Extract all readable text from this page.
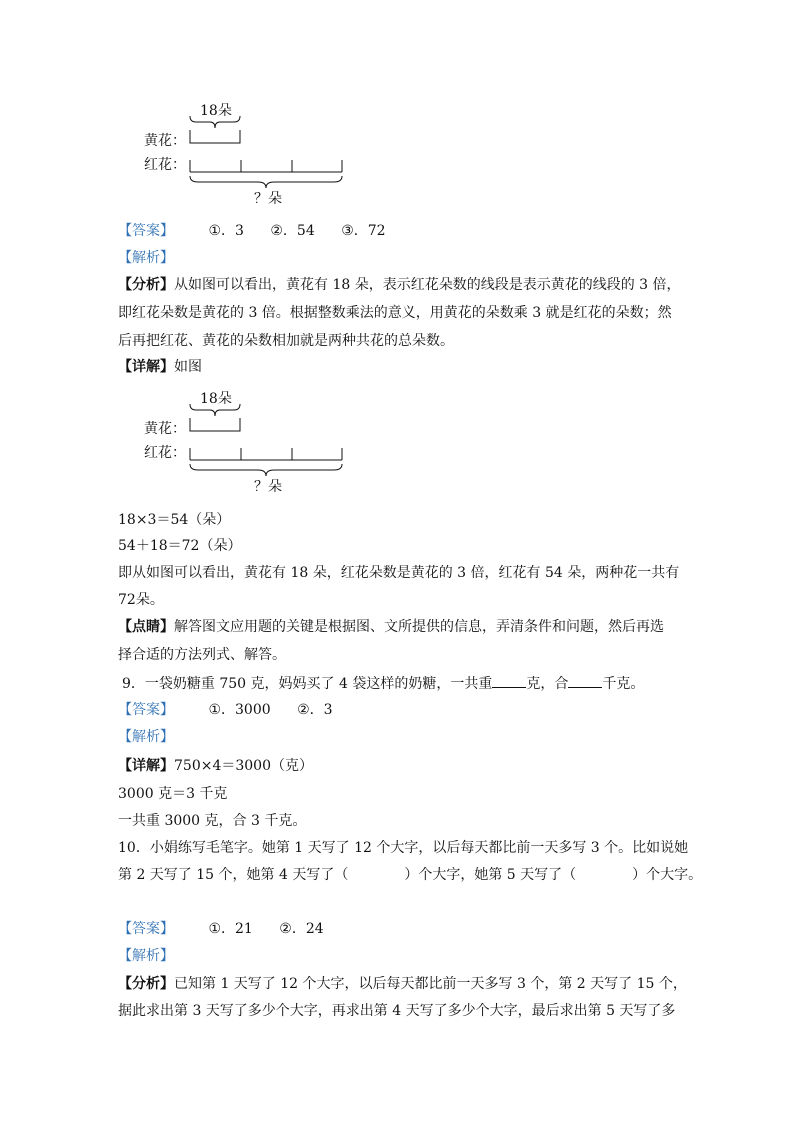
18朵
黄花：
红花：
？朵
【答案】 ①．3 ②．54 ③．72
【解析】
【分析】从如图可以看出，黄花有 18 朵，表示红花朵数的线段是表示黄花的线段的 3 倍，
即红花朵数是黄花的 3 倍。根据整数乘法的意义，用黄花的朵数乘 3 就是红花的朵数；然
后再把红花、黄花的朵数相加就是两种共花的总朵数。
【详解】如图
18朵
黄花：
红花：
？朵
18×3＝54（朵）
54＋18＝72（朵）
即从如图可以看出，黄花有 18 朵，红花朵数是黄花的 3 倍，红花有 54 朵，两种花一共有
72朵。
【点睛】解答图文应用题的关键是根据图、文所提供的信息，弄清条件和问题，然后再选
择合适的方法列式、解答。
9．一袋奶糖重 750 克，妈妈买了 4 袋这样的奶糖，一共重 克，合 千克。
【答案】 ①．3000 ②．3
【解析】
【详解】750×4＝3000（克）
3000 克＝3 千克
一共重 3000 克，合 3 千克。
10．小娟练写毛笔字。她第 1 天写了 12 个大字，以后每天都比前一天多写 3 个。比如说她
第 2 天写了 15 个，她第 4 天写了（	）个大字，她第 5 天写了（	）个大字。
【答案】 ①．21 ②．24
【解析】
【分析】已知第 1 天写了 12 个大字，以后每天都比前一天多写 3 个，第 2 天写了 15 个，
据此求出第 3 天写了多少个大字，再求出第 4 天写了多少个大字，最后求出第 5 天写了多
